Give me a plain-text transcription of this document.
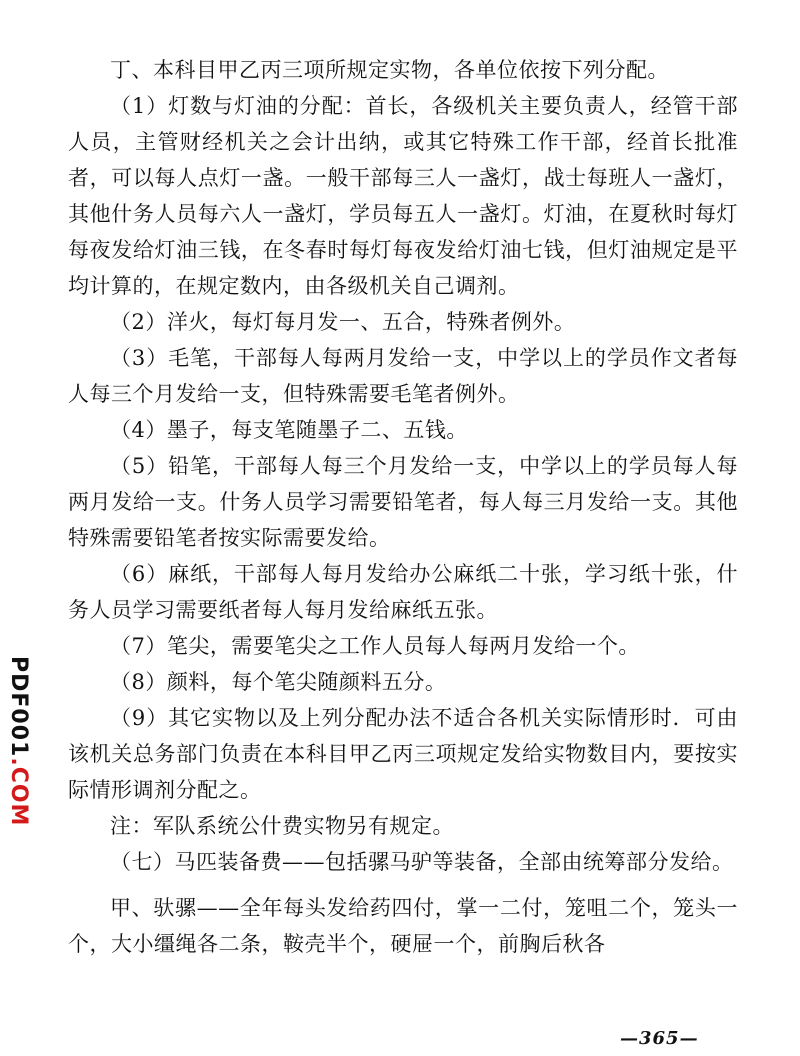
丁、本科目甲乙丙三项所规定实物，各单位依按下列分配。

（1）灯数与灯油的分配：首长，各级机关主要负责人，经管干部人员，主管财经机关之会计出纳，或其它特殊工作干部，经首长批准者，可以每人点灯一盏。一般干部每三人一盏灯，战士每班人一盏灯，其他什务人员每六人一盏灯，学员每五人一盏灯。灯油，在夏秋时每灯每夜发给灯油三钱，在冬春时每灯每夜发给灯油七钱，但灯油规定是平均计算的，在规定数内，由各级机关自己调剂。

（2）洋火，每灯每月发一、五合，特殊者例外。

（3）毛笔，干部每人每两月发给一支，中学以上的学员作文者每人每三个月发给一支，但特殊需要毛笔者例外。

（4）墨子，每支笔随墨子二、五钱。

（5）铅笔，干部每人每三个月发给一支，中学以上的学员每人每两月发给一支。什务人员学习需要铅笔者，每人每三月发给一支。其他特殊需要铅笔者按实际需要发给。

（6）麻纸，干部每人每月发给办公麻纸二十张，学习纸十张，什务人员学习需要纸者每人每月发给麻纸五张。

（7）笔尖，需要笔尖之工作人员每人每两月发给一个。

（8）颜料，每个笔尖随颜料五分。

（9）其它实物以及上列分配办法不适合各机关实际情形时．可由该机关总务部门负责在本科目甲乙丙三项规定发给实物数目内，要按实际情形调剂分配之。

注：军队系统公什费实物另有规定。

（七）马匹装备费——包括骡马驴等装备，全部由统筹部分发给。

甲、驮骡——全年每头发给药四付，掌一二付，笼咀二个，笼头一个，大小缰绳各二条，鞍壳半个，硬屉一个，前胸后秋各

PDF001.COM
—365—
